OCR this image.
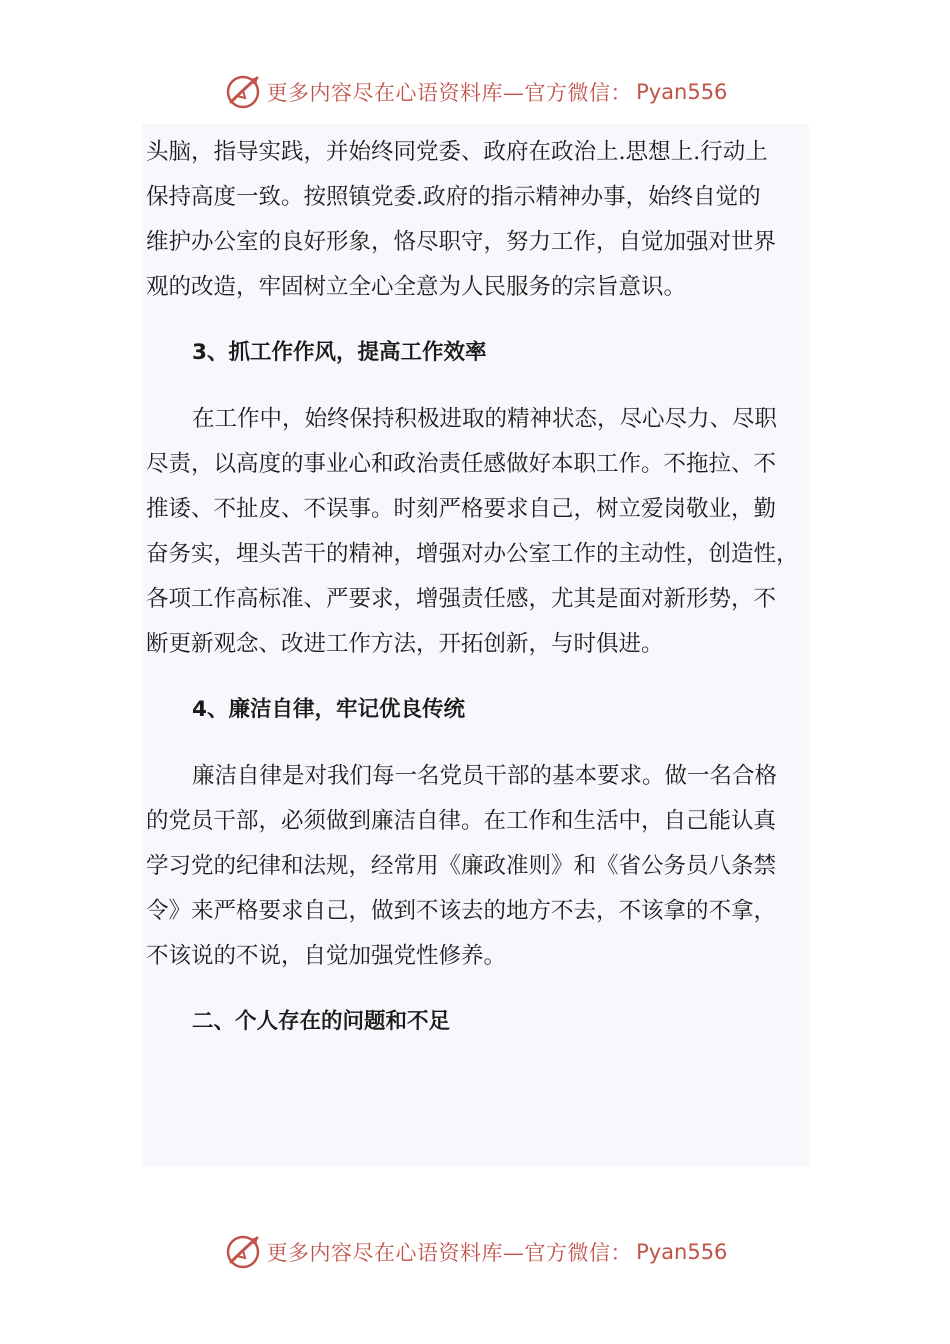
更多内容尽在心语资料库—官方微信： Pyan556
头脑，指导实践，并始终同党委、政府在政治上.思想上.行动上
保持高度一致。按照镇党委.政府的指示精神办事，始终自觉的
维护办公室的良好形象，恪尽职守，努力工作，自觉加强对世界
观的改造，牢固树立全心全意为人民服务的宗旨意识。
3、抓工作作风，提高工作效率
在工作中，始终保持积极进取的精神状态，尽心尽力、尽职
尽责，以高度的事业心和政治责任感做好本职工作。不拖拉、不
推诿、不扯皮、不误事。时刻严格要求自己，树立爱岗敬业，勤
奋务实，埋头苦干的精神，增强对办公室工作的主动性，创造性，
各项工作高标准、严要求，增强责任感，尤其是面对新形势，不
断更新观念、改进工作方法，开拓创新，与时俱进。
4、廉洁自律，牢记优良传统
廉洁自律是对我们每一名党员干部的基本要求。做一名合格
的党员干部，必须做到廉洁自律。在工作和生活中，自己能认真
学习党的纪律和法规，经常用《廉政准则》和《省公务员八条禁
令》来严格要求自己，做到不该去的地方不去，不该拿的不拿，
不该说的不说，自觉加强党性修养。
二、个人存在的问题和不足
更多内容尽在心语资料库—官方微信： Pyan556
